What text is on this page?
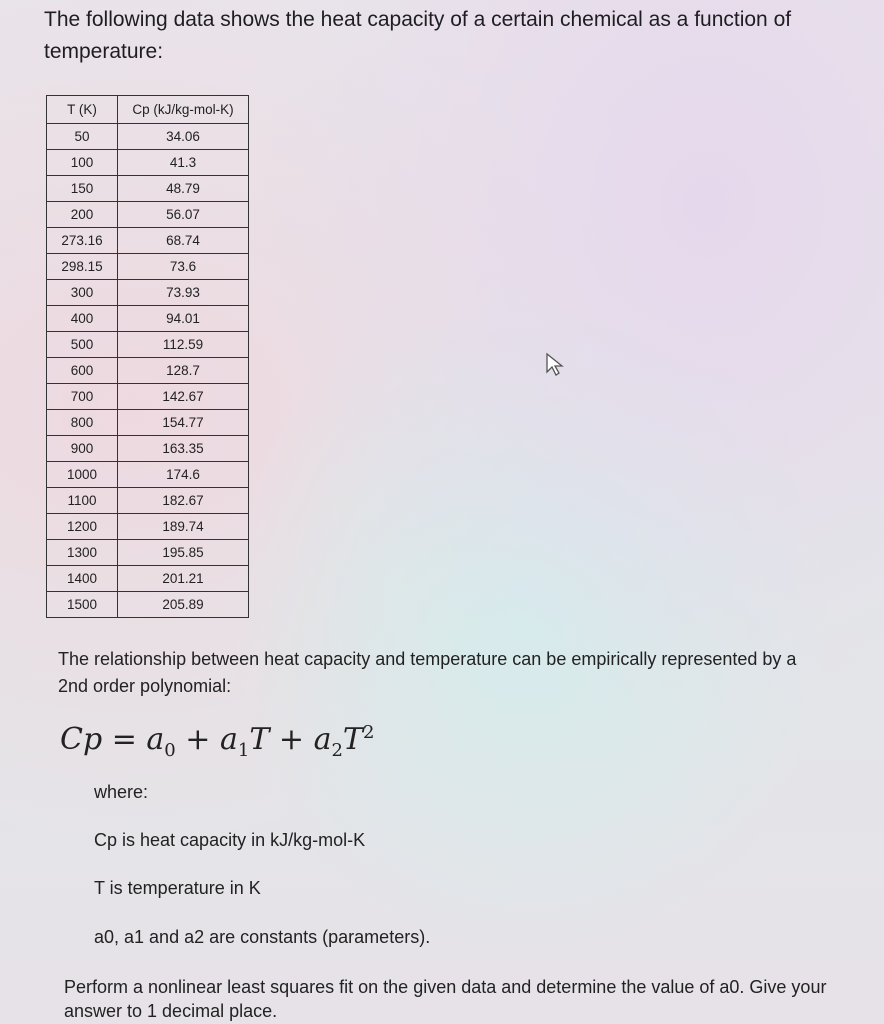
The following data shows the heat capacity of a certain chemical as a function of temperature:
T (K)	Cp (kJ/kg-mol-K)
50	34.06
100	41.3
150	48.79
200	56.07
273.16	68.74
298.15	73.6
300	73.93
400	94.01
500	112.59
600	128.7
700	142.67
800	154.77
900	163.35
1000	174.6
1100	182.67
1200	189.74
1300	195.85
1400	201.21
1500	205.89
The relationship between heat capacity and temperature can be empirically represented by a 2nd order polynomial:
$Cp = a_0 + a_1T + a_2T^2$
where:
Cp is heat capacity in kJ/kg-mol-K
T is temperature in K
a0, a1 and a2 are constants (parameters).
Perform a nonlinear least squares fit on the given data and determine the value of a0. Give your answer to 1 decimal place.
